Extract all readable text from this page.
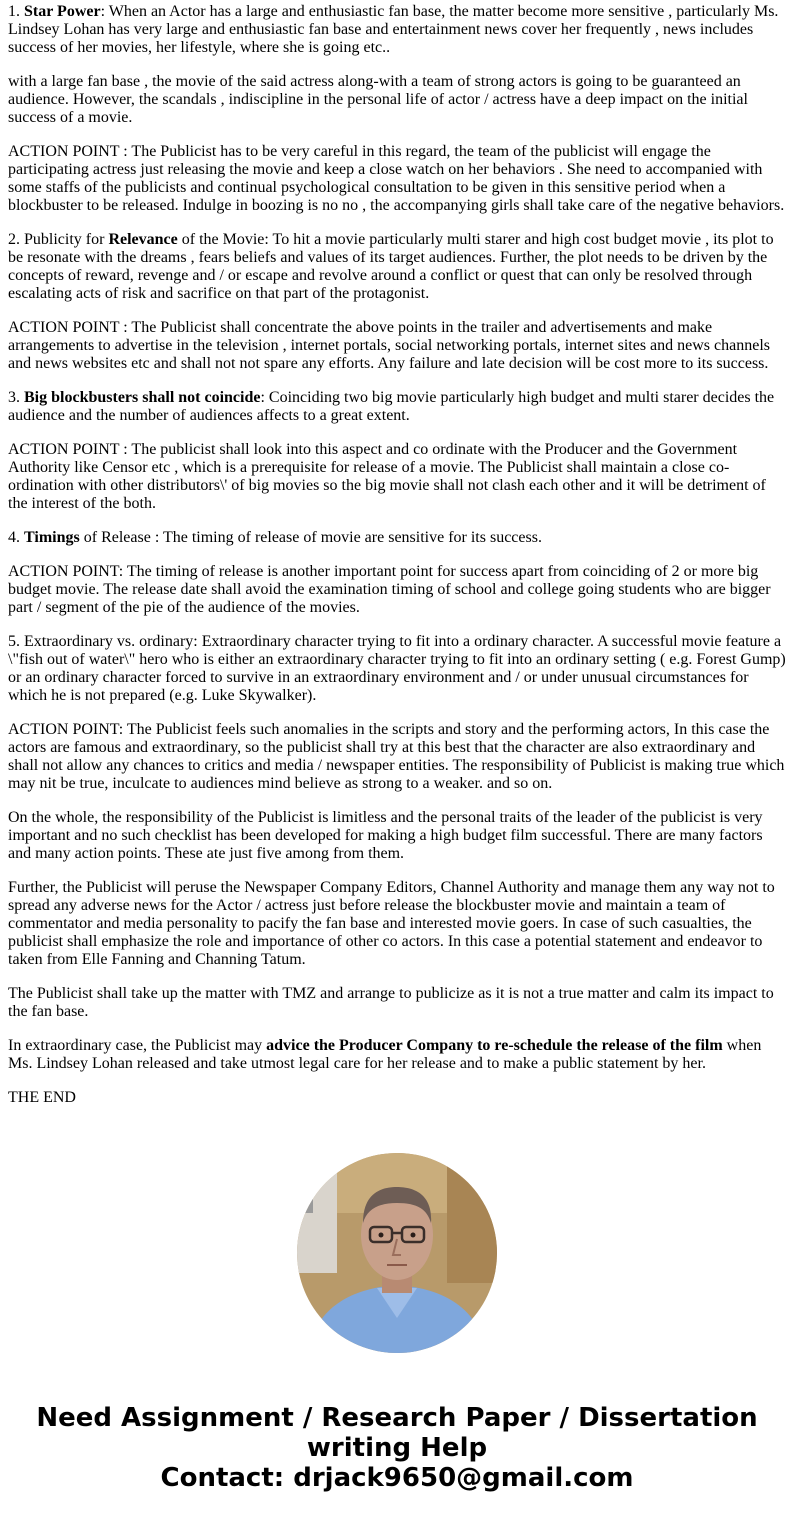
1. Star Power: When an Actor has a large and enthusiastic fan base, the matter become more sensitive , particularly Ms. Lindsey Lohan has very large and enthusiastic fan base and entertainment news cover her frequently , news includes success of her movies, her lifestyle, where she is going etc..

with a large fan base , the movie of the said actress along-with a team of strong actors is going to be guaranteed an audience. However, the scandals , indiscipline in the personal life of actor / actress have a deep impact on the initial success of a movie.

ACTION POINT : The Publicist has to be very careful in this regard, the team of the publicist will engage the participating actress just releasing the movie and keep a close watch on her behaviors . She need to accompanied with some staffs of the publicists and continual psychological consultation to be given in this sensitive period when a blockbuster to be released. Indulge in boozing is no no , the accompanying girls shall take care of the negative behaviors.

2. Publicity for Relevance of the Movie: To hit a movie particularly multi starer and high cost budget movie , its plot to be resonate with the dreams , fears beliefs and values of its target audiences. Further, the plot needs to be driven by the concepts of reward, revenge and / or escape and revolve around a conflict or quest that can only be resolved through escalating acts of risk and sacrifice on that part of the protagonist.

ACTION POINT : The Publicist shall concentrate the above points in the trailer and advertisements and make arrangements to advertise in the television , internet portals, social networking portals, internet sites and news channels and news websites etc and shall not not spare any efforts. Any failure and late decision will be cost more to its success.

3. Big blockbusters shall not coincide: Coinciding two big movie particularly high budget and multi starer decides the audience and the number of audiences affects to a great extent.

ACTION POINT : The publicist shall look into this aspect and co ordinate with the Producer and the Government Authority like Censor etc , which is a prerequisite for release of a movie. The Publicist shall maintain a close co-ordination with other distributors\' of big movies so the big movie shall not clash each other and it will be detriment of the interest of the both.

4. Timings of Release : The timing of release of movie are sensitive for its success.

ACTION POINT: The timing of release is another important point for success apart from coinciding of 2 or more big budget movie. The release date shall avoid the examination timing of school and college going students who are bigger part / segment of the pie of the audience of the movies.

5. Extraordinary vs. ordinary: Extraordinary character trying to fit into a ordinary character. A successful movie feature a \"fish out of water\" hero who is either an extraordinary character trying to fit into an ordinary setting ( e.g. Forest Gump) or an ordinary character forced to survive in an extraordinary environment and / or under unusual circumstances for which he is not prepared (e.g. Luke Skywalker).

ACTION POINT: The Publicist feels such anomalies in the scripts and story and the performing actors, In this case the actors are famous and extraordinary, so the publicist shall try at this best that the character are also extraordinary and shall not allow any chances to critics and media / newspaper entities. The responsibility of Publicist is making true which may nit be true, inculcate to audiences mind believe as strong to a weaker. and so on.

On the whole, the responsibility of the Publicist is limitless and the personal traits of the leader of the publicist is very important and no such checklist has been developed for making a high budget film successful. There are many factors and many action points. These ate just five among from them.

Further, the Publicist will peruse the Newspaper Company Editors, Channel Authority and manage them any way not to spread any adverse news for the Actor / actress just before release the blockbuster movie and maintain a team of commentator and media personality to pacify the fan base and interested movie goers. In case of such casualties, the publicist shall emphasize the role and importance of other co actors. In this case a potential statement and endeavor to taken from Elle Fanning and Channing Tatum.

The Publicist shall take up the matter with TMZ and arrange to publicize as it is not a true matter and calm its impact to the fan base.

In extraordinary case, the Publicist may advice the Producer Company to re-schedule the release of the film when Ms. Lindsey Lohan released and take utmost legal care for her release and to make a public statement by her.

THE END

Need Assignment / Research Paper / Dissertation
writing Help
Contact: drjack9650@gmail.com
